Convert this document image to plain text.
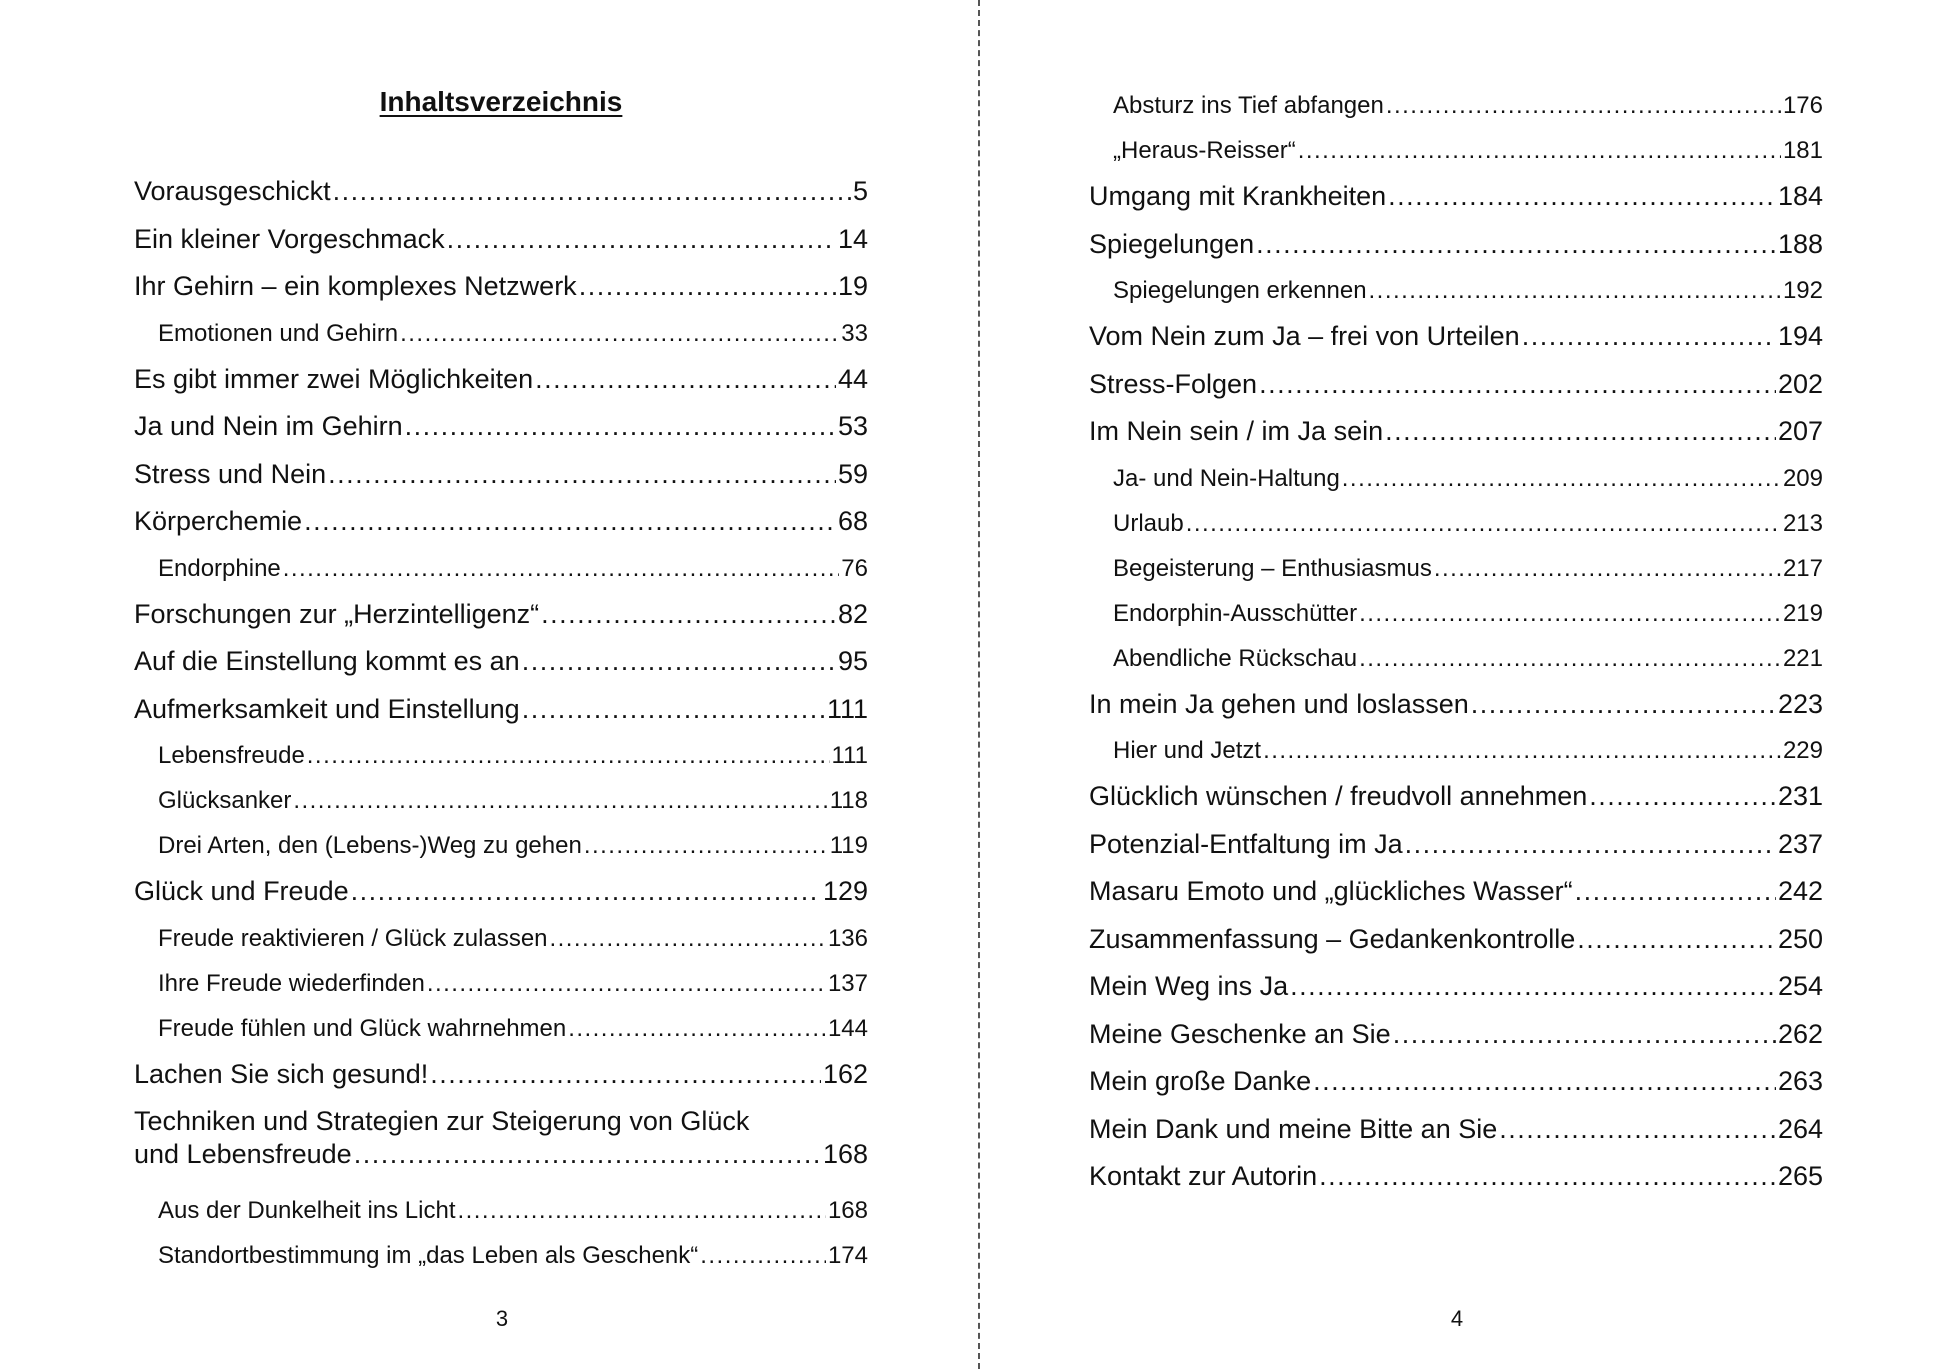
Inhaltsverzeichnis
Vorausgeschickt . . .	5
Ein kleiner Vorgeschmack . . .	14
Ihr Gehirn – ein komplexes Netzwerk . . .	19
Emotionen und Gehirn . . .	33
Es gibt immer zwei Möglichkeiten . . .	44
Ja und Nein im Gehirn . . .	53
Stress und Nein . . .	59
Körperchemie . . .	68
Endorphine . . .	76
Forschungen zur „Herzintelligenz“ . . .	82
Auf die Einstellung kommt es an . . .	95
Aufmerksamkeit und Einstellung . . .	111
Lebensfreude . . .	111
Glücksanker . . .	118
Drei Arten, den (Lebens-)Weg zu gehen . . .	119
Glück und Freude . . .	129
Freude reaktivieren / Glück zulassen . . .	136
Ihre Freude wiederfinden . . .	137
Freude fühlen und Glück wahrnehmen . . .	144
Lachen Sie sich gesund! . . .	162
Techniken und Strategien zur Steigerung von Glück
und Lebensfreude . . .	168
Aus der Dunkelheit ins Licht . . .	168
Standortbestimmung im „das Leben als Geschenk“ . . .	174
3
Absturz ins Tief abfangen . . .	176
„Heraus-Reisser“ . . .	181
Umgang mit Krankheiten . . .	184
Spiegelungen . . .	188
Spiegelungen erkennen . . .	192
Vom Nein zum Ja – frei von Urteilen . . .	194
Stress-Folgen . . .	202
Im Nein sein / im Ja sein . . .	207
Ja- und Nein-Haltung . . .	209
Urlaub . . .	213
Begeisterung – Enthusiasmus . . .	217
Endorphin-Ausschütter . . .	219
Abendliche Rückschau . . .	221
In mein Ja gehen und loslassen . . .	223
Hier und Jetzt . . .	229
Glücklich wünschen / freudvoll annehmen . . .	231
Potenzial-Entfaltung im Ja . . .	237
Masaru Emoto und „glückliches Wasser“ . . .	242
Zusammenfassung – Gedankenkontrolle . . .	250
Mein Weg ins Ja . . .	254
Meine Geschenke an Sie . . .	262
Mein große Danke . . .	263
Mein Dank und meine Bitte an Sie . . .	264
Kontakt zur Autorin . . .	265
4
